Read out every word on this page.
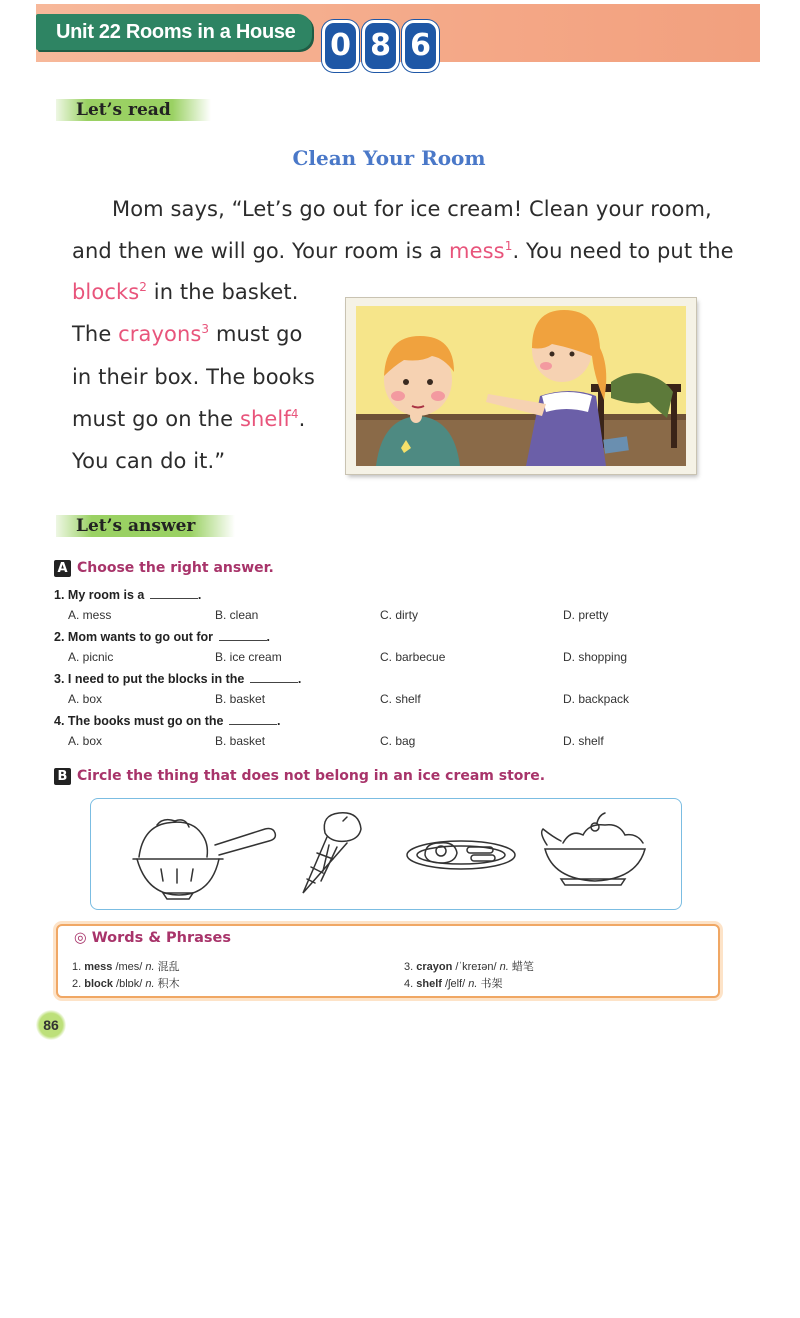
Unit 22 Rooms in a House	0 8 6
Let’s read
Clean Your Room
Mom says, “Let’s go out for ice cream! Clean your room,
and then we will go. Your room is a mess$^1$. You need to put the
blocks$^2$ in the basket.
The crayons$^3$ must go
in their box. The books
must go on the shelf$^4$.
You can do it.”
Let’s answer
A Choose the right answer.
1. My room is a	.
A. mess	B. clean	C. dirty	D. pretty
2. Mom wants to go out for	.
A. picnic	B. ice cream	C. barbecue	D. shopping
3. I need to put the blocks in the	.
A. box	B. basket	C. shelf	D. backpack
4. The books must go on the	.
A. box	B. basket	C. bag	D. shelf
B Circle the thing that does not belong in an ice cream store.
◎ Words & Phrases
1. mess /mes/ n. 混乱
2. block /blɒk/ n. 积木
3. crayon /ˈkreɪən/ n. 蜡笔
4. shelf /ʃelf/ n. 书架
86
